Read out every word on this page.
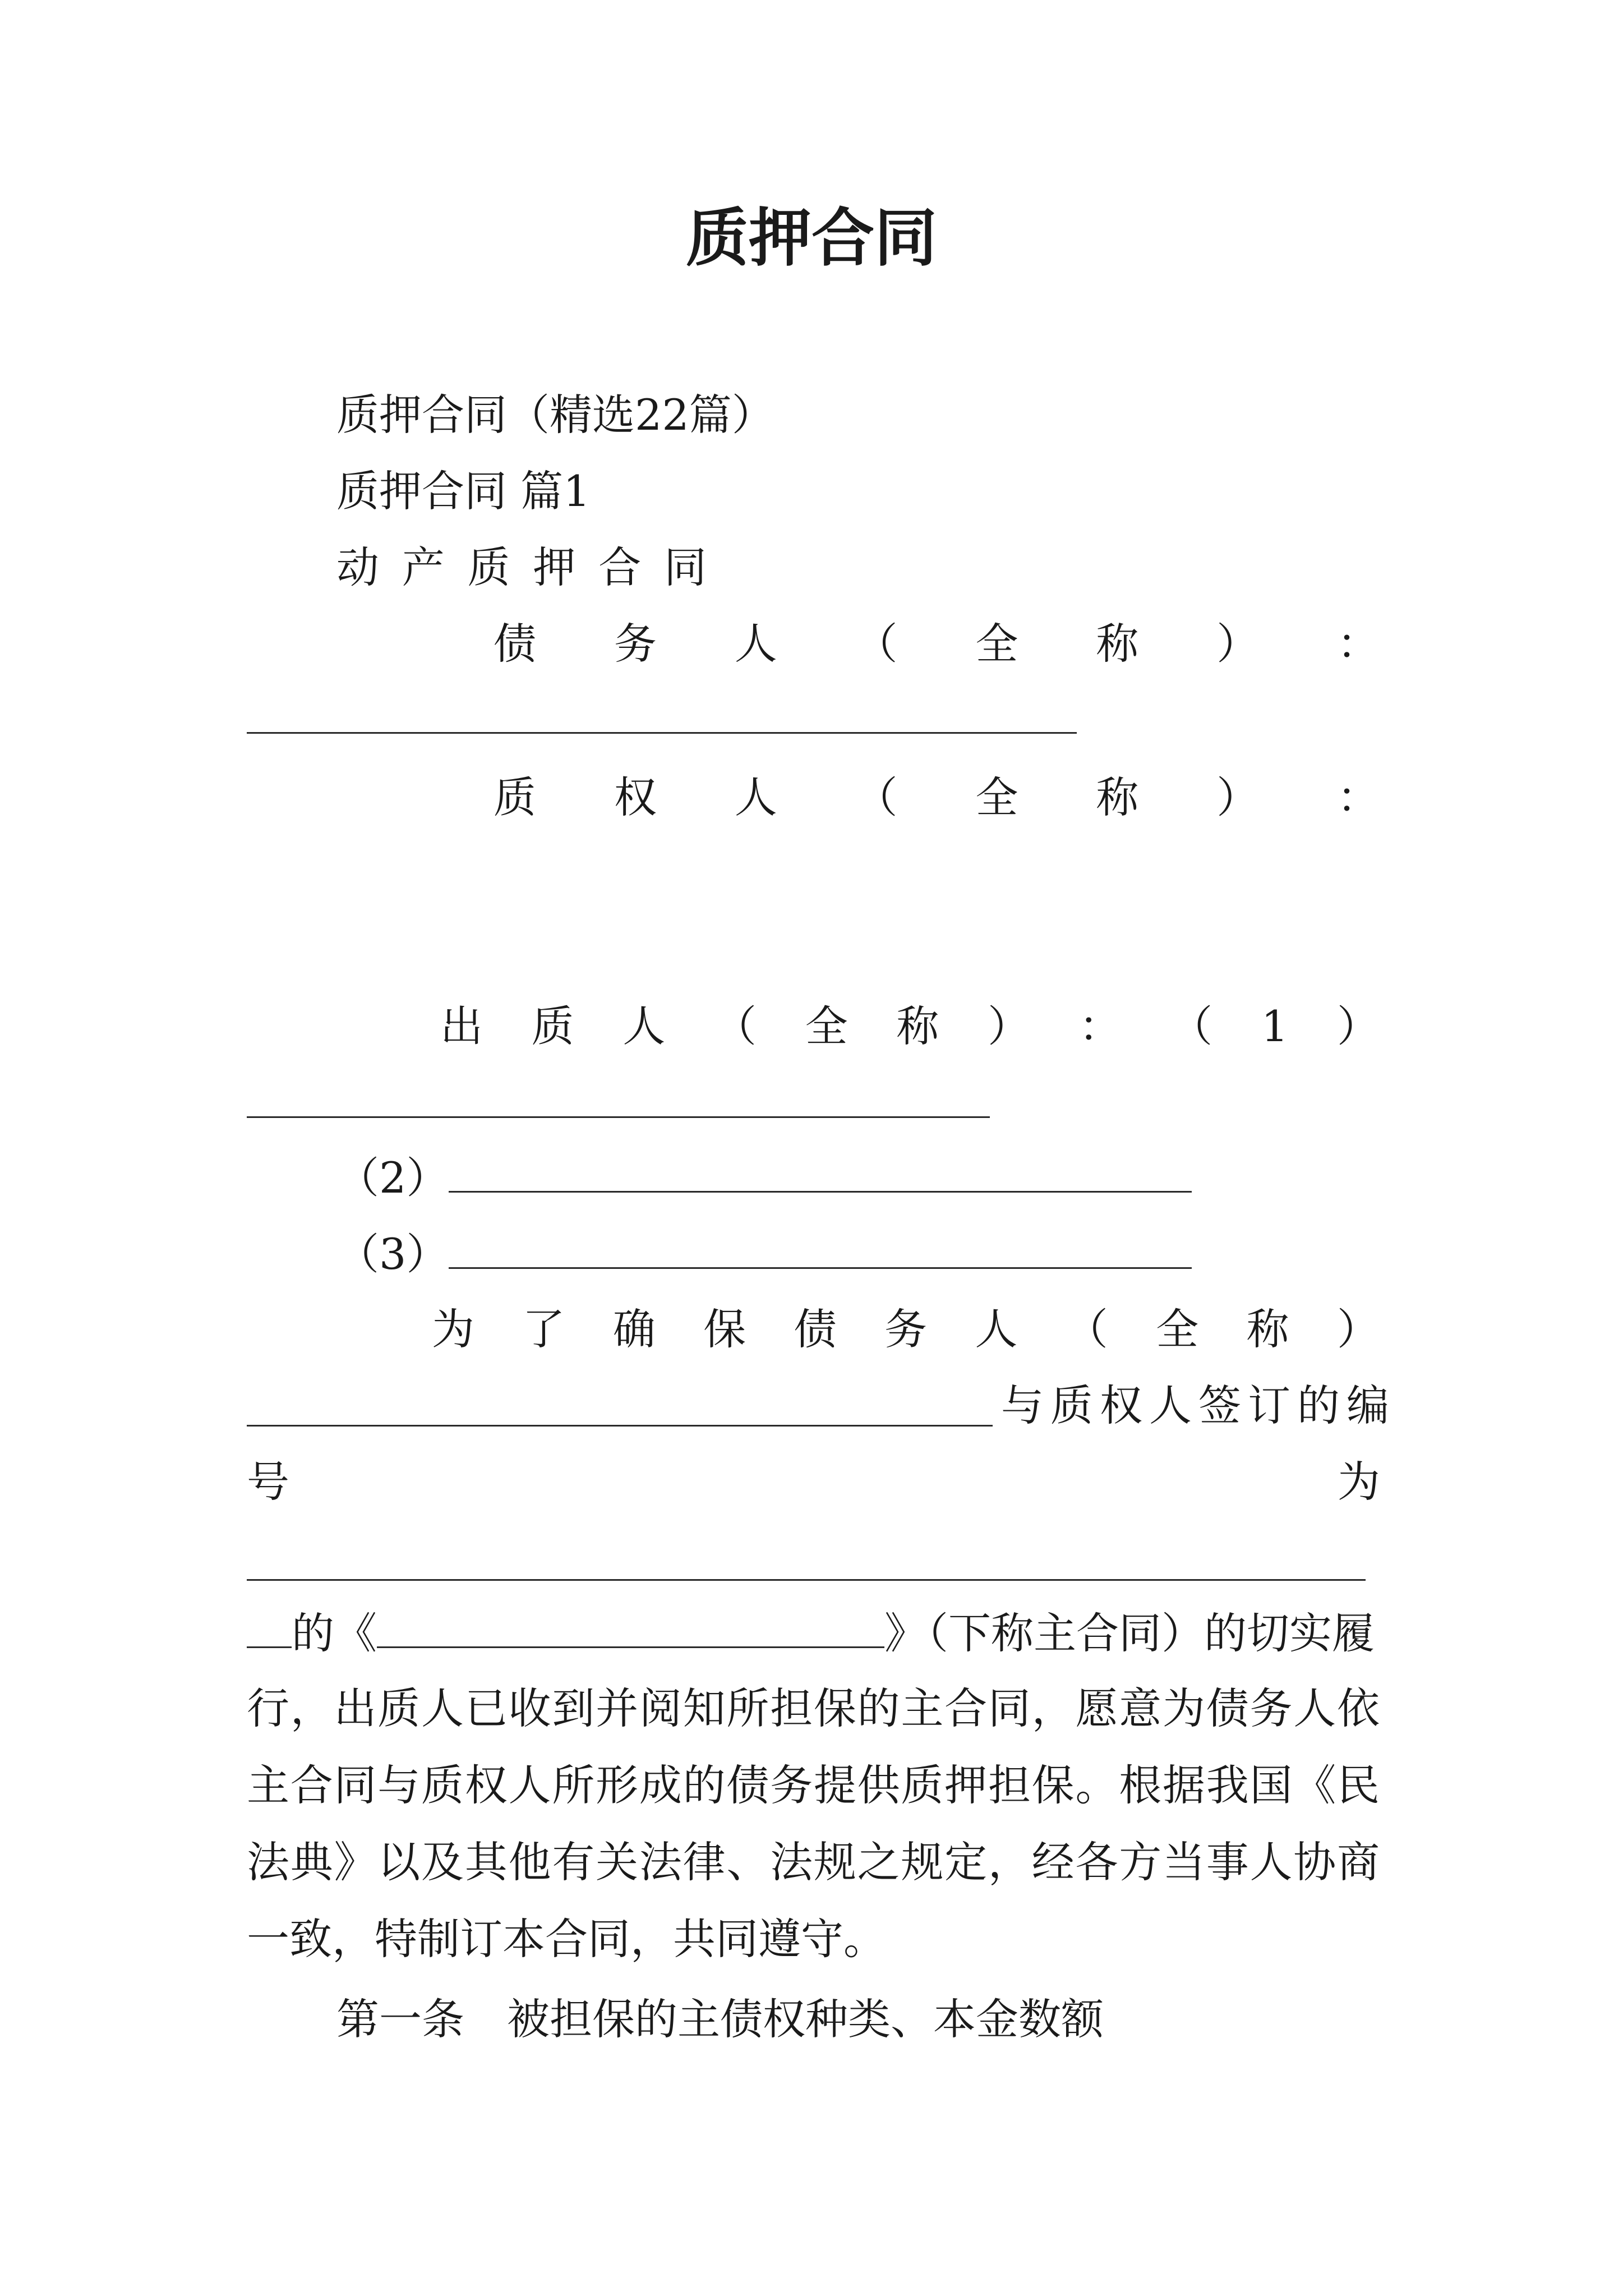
质押合同
质押合同（精选22篇）
质押合同 篇1
动 产 质 押 合 同
债 务 人 （ 全 称 ） ：
质 权 人 （ 全 称 ） ：
出 质 人 （ 全 称 ） ： （ 1 ）
（2）
（3）
为 了 确 保 债 务 人 （ 全 称 ）
与质权人签订的编
号	为
的《	》（下称主合同）的切实履

行，出质人已收到并阅知所担保的主合同，愿意为债务人依主合同与质权人所形成的债务提供质押担保。根据我国《民法典》以及其他有关法律、法规之规定，经各方当事人协商一致，特制订本合同，共同遵守。

第一条　被担保的主债权种类、本金数额
